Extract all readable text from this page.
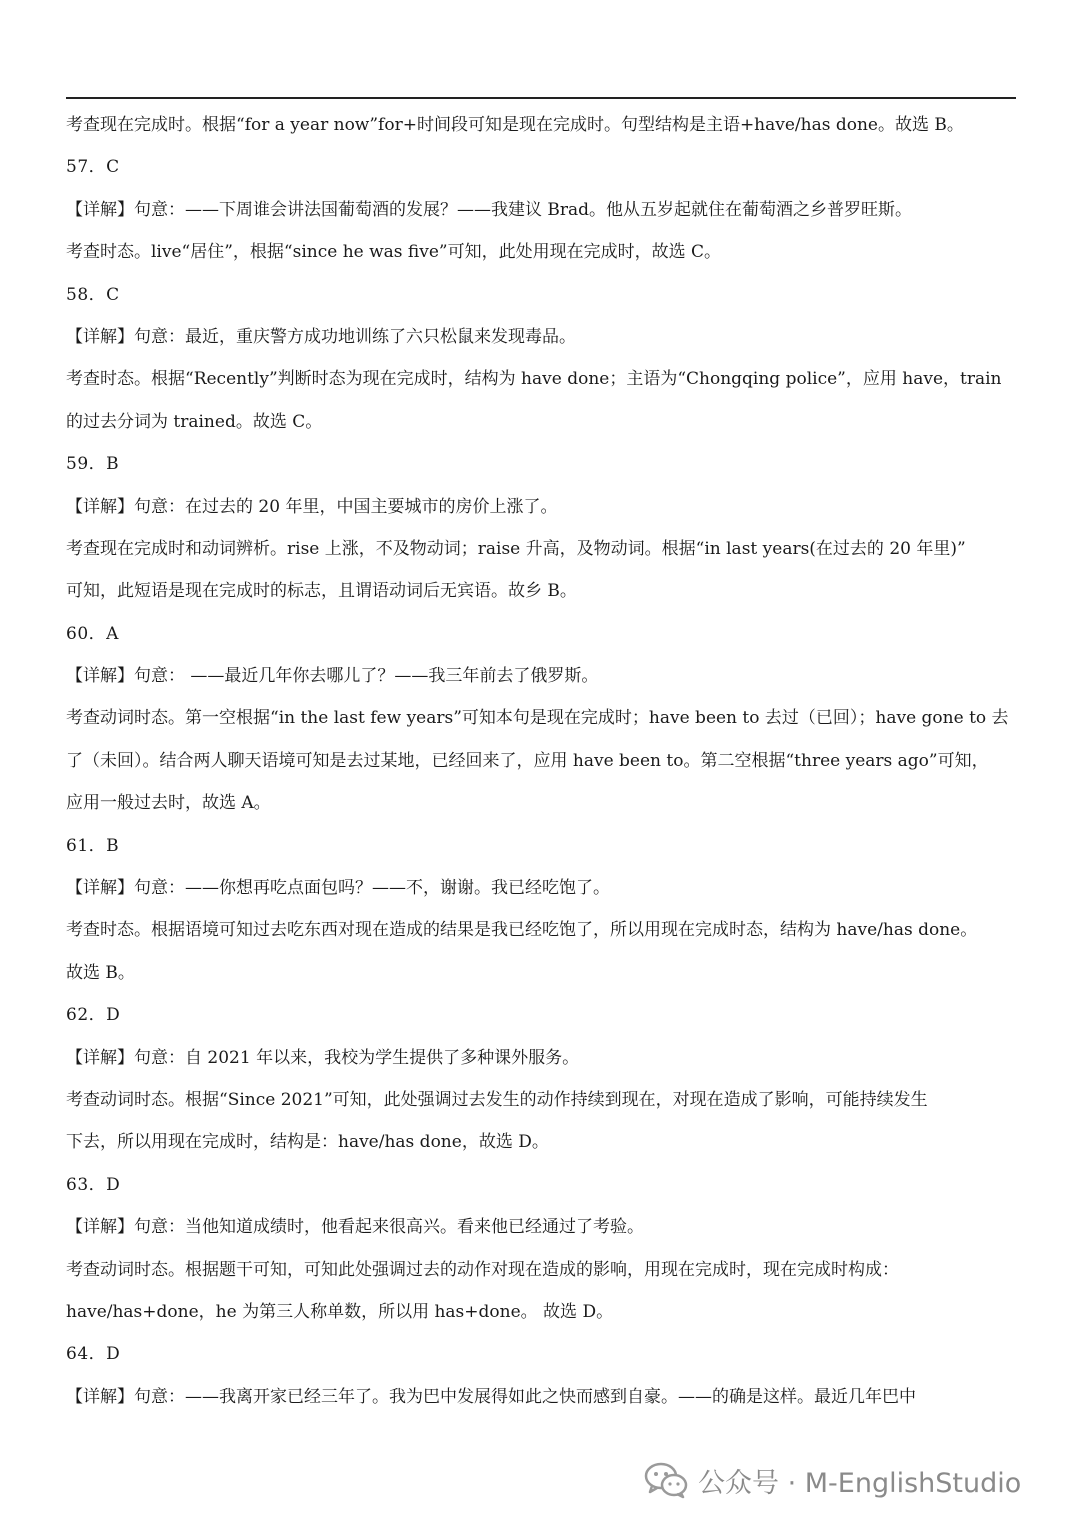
考查现在完成时。根据“for a year now”for+时间段可知是现在完成时。句型结构是主语+have/has done。故选 B。
57．C
【详解】句意：——下周谁会讲法国葡萄酒的发展？——我建议 Brad。他从五岁起就住在葡萄酒之乡普罗旺斯。
考查时态。live“居住”，根据“since he was five”可知，此处用现在完成时，故选 C。
58．C
【详解】句意：最近，重庆警方成功地训练了六只松鼠来发现毒品。
考查时态。根据“Recently”判断时态为现在完成时，结构为 have done；主语为“Chongqing police”，应用 have，train
的过去分词为 trained。故选 C。
59．B
【详解】句意：在过去的 20 年里，中国主要城市的房价上涨了。
考查现在完成时和动词辨析。rise 上涨，不及物动词；raise 升高，及物动词。根据“in last years(在过去的 20 年里)”
可知，此短语是现在完成时的标志，且谓语动词后无宾语。故乡 B。
60．A
【详解】句意： ——最近几年你去哪儿了？——我三年前去了俄罗斯。
考查动词时态。第一空根据“in the last few years”可知本句是现在完成时；have been to 去过（已回）；have gone to 去
了（未回）。结合两人聊天语境可知是去过某地，已经回来了，应用 have been to。第二空根据“three years ago”可知，
应用一般过去时，故选 A。
61．B
【详解】句意：——你想再吃点面包吗？——不，谢谢。我已经吃饱了。
考查时态。根据语境可知过去吃东西对现在造成的结果是我已经吃饱了，所以用现在完成时态，结构为 have/has done。
故选 B。
62．D
【详解】句意：自 2021 年以来，我校为学生提供了多种课外服务。
考查动词时态。根据“Since 2021”可知，此处强调过去发生的动作持续到现在，对现在造成了影响，可能持续发生
下去，所以用现在完成时，结构是：have/has done，故选 D。
63．D
【详解】句意：当他知道成绩时，他看起来很高兴。看来他已经通过了考验。
考查动词时态。根据题干可知，可知此处强调过去的动作对现在造成的影响，用现在完成时，现在完成时构成：
have/has+done，he 为第三人称单数，所以用 has+done。 故选 D。
64．D
【详解】句意：——我离开家已经三年了。我为巴中发展得如此之快而感到自豪。——的确是这样。最近几年巴中
公众号 · M-EnglishStudio
